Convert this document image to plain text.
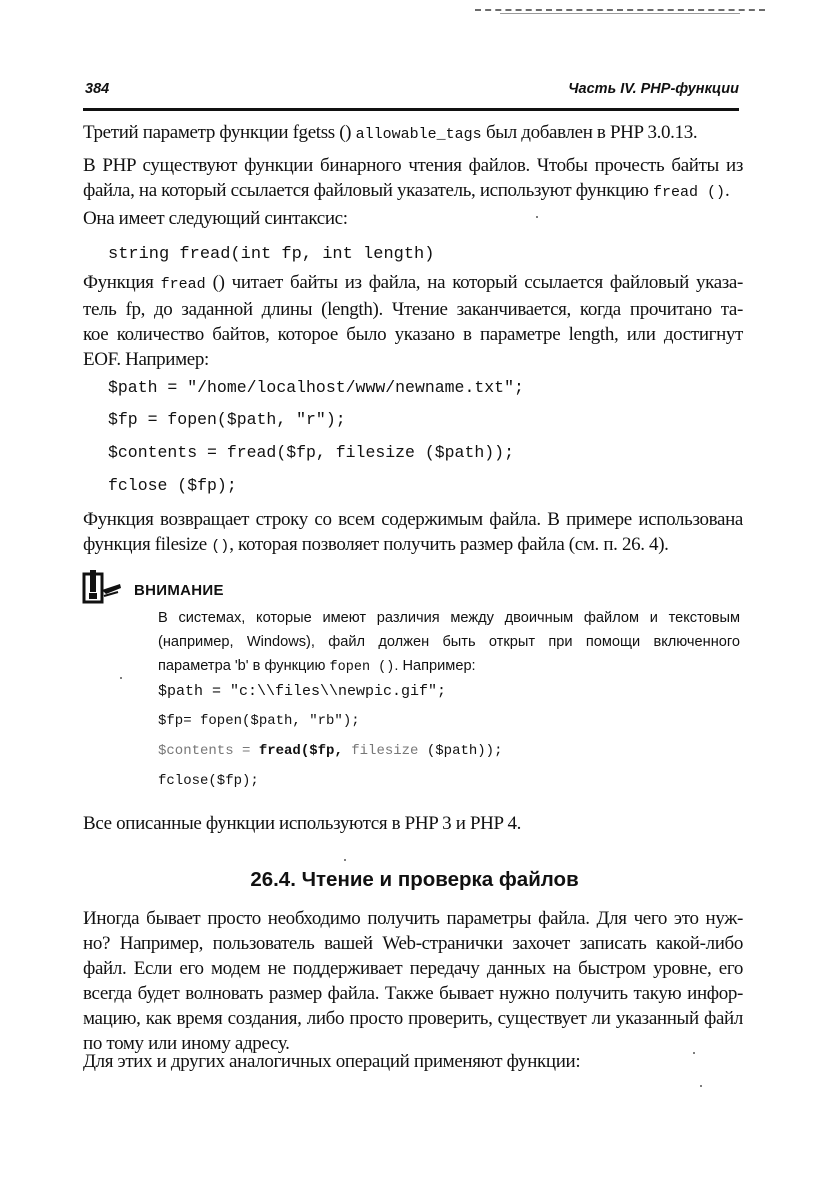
384	Часть IV. PHP-функции

Третий параметр функции fgetss () allowable_tags был добавлен в PHP 3.0.13.

В PHP существуют функции бинарного чтения файлов. Чтобы прочесть байты из
файла, на который ссылается файловый указатель, используют функцию fread ().

Она имеет следующий синтаксис:

string fread(int fp, int length)

Функция fread () читает байты из файла, на который ссылается файловый указа-
тель fp, до заданной длины (length). Чтение заканчивается, когда прочитано та-
кое количество байтов, которое было указано в параметре length, или достигнут
EOF. Например:

$path = "/home/localhost/www/newname.txt";
$fp = fopen($path, "r");
$contents = fread($fp, filesize ($path));
fclose ($fp);

Функция возвращает строку со всем содержимым файла. В примере использована
функция filesize (), которая позволяет получить размер файла (см. п. 26. 4).

ВНИМАНИЕ

В системах, которые имеют различия между двоичным файлом и текстовым
(например, Windows), файл должен быть открыт при помощи включенного
параметра 'b' в функцию fopen (). Например:

$path = "c:\\files\\newpic.gif";
$fp= fopen($path, "rb");
$contents = fread($fp, filesize ($path));
fclose($fp);

Все описанные функции используются в PHP 3 и PHP 4.

26.4. Чтение и проверка файлов

Иногда бывает просто необходимо получить параметры файла. Для чего это нуж-
но? Например, пользователь вашей Web-странички захочет записать какой-либо
файл. Если его модем не поддерживает передачу данных на быстром уровне, его
всегда будет волновать размер файла. Также бывает нужно получить такую инфор-
мацию, как время создания, либо просто проверить, существует ли указанный файл
по тому или иному адресу.

Для этих и других аналогичных операций применяют функции:
